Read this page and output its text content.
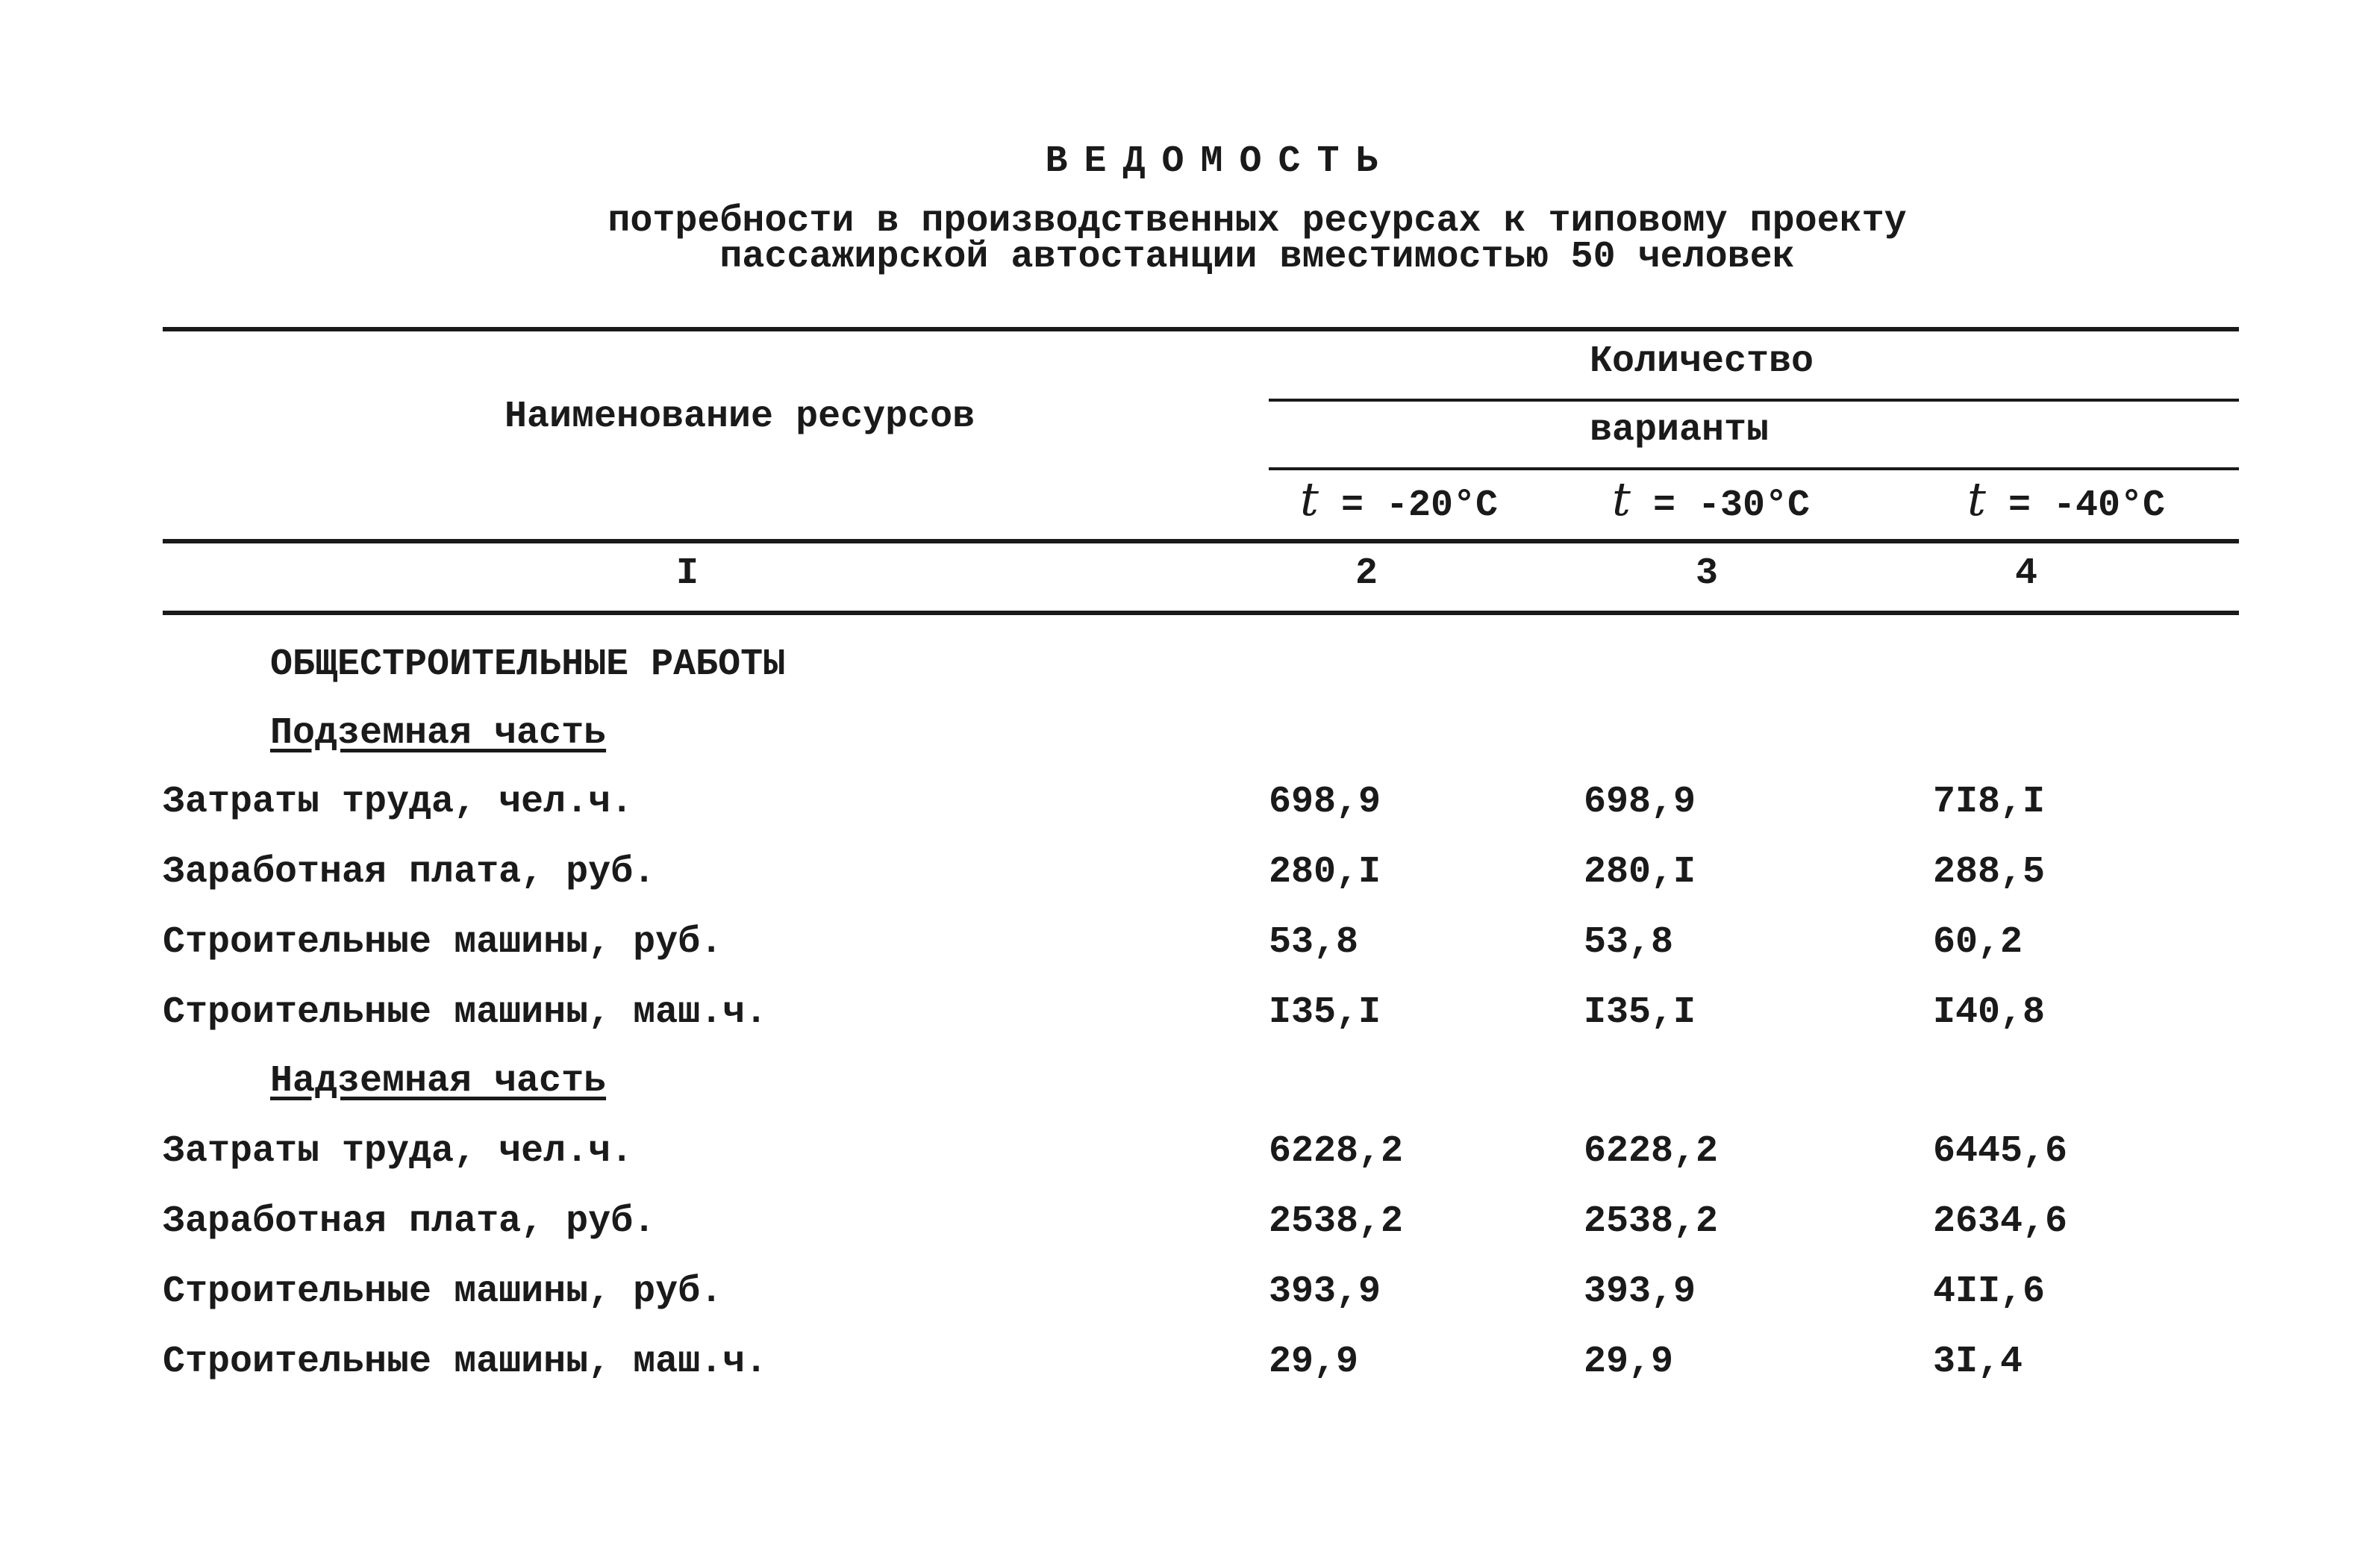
ВЕДОМОСТЬ
потребности в производственных ресурсах к типовому проекту
пассажирской автостанции вместимостью 50 человек
Наименование ресурсов
Количество
варианты
t = -20°C t = -30°C	t = -40°C
I	2	3	4
ОБЩЕСТРОИТЕЛЬНЫЕ РАБОТЫ
Подземная часть
Затраты труда, чел.ч.	698,9	698,9	7I8,I
Заработная плата, руб.	280,I	280,I	288,5
Строительные машины, руб.	53,8	53,8	60,2
Строительные машины, маш.ч.	I35,I	I35,I	I40,8
Надземная часть
Затраты труда, чел.ч.	6228,2	6228,2	6445,6
Заработная плата, руб.	2538,2	2538,2	2634,6
Строительные машины, руб.	393,9	393,9	4II,6
Строительные машины, маш.ч.	29,9	29,9	3I,4
